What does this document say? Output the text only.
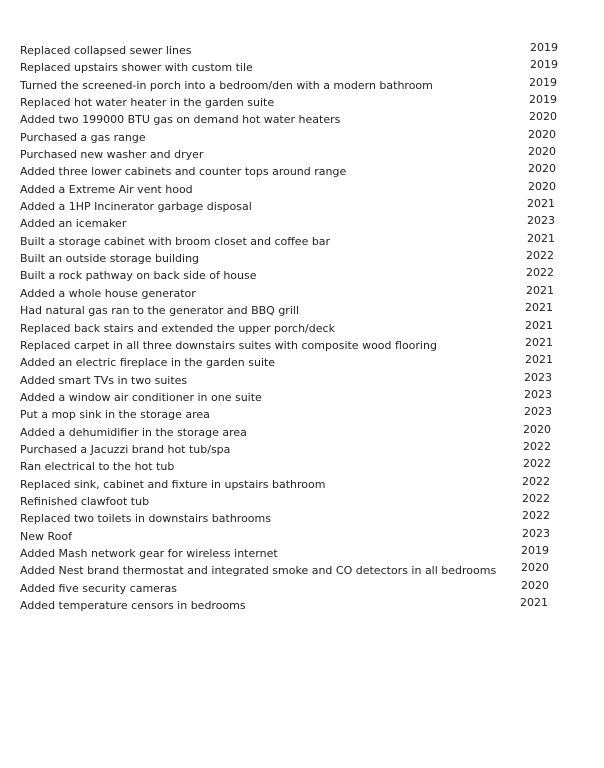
Replaced collapsed sewer lines	2019
Replaced upstairs shower with custom tile	2019
Turned the screened-in porch into a bedroom/den with a modern bathroom	2019
Replaced hot water heater in the garden suite	2019
Added two 199000 BTU gas on demand hot water heaters	2020
Purchased a gas range	2020
Purchased new washer and dryer	2020
Added three lower cabinets and counter tops around range	2020
Added a Extreme Air vent hood	2020
Added a 1HP Incinerator garbage disposal	2021
Added an icemaker	2023
Built a storage cabinet with broom closet and coffee bar	2021
Built an outside storage building	2022
Built a rock pathway on back side of house	2022
Added a whole house generator	2021
Had natural gas ran to the generator and BBQ grill	2021
Replaced back stairs and extended the upper porch/deck	2021
Replaced carpet in all three downstairs suites with composite wood flooring	2021
Added an electric fireplace in the garden suite	2021
Added smart TVs in two suites	2023
Added a window air conditioner in one suite	2023
Put a mop sink in the storage area	2023
Added a dehumidifier in the storage area	2020
Purchased a Jacuzzi brand hot tub/spa	2022
Ran electrical to the hot tub	2022
Replaced sink, cabinet and fixture in upstairs bathroom	2022
Refinished clawfoot tub	2022
Replaced two toilets in downstairs bathrooms	2022
New Roof	2023
Added Mash network gear for wireless internet	2019
Added Nest brand thermostat and integrated smoke and CO detectors in all bedrooms 2020
Added five security cameras	2020
Added temperature censors in bedrooms	2021
